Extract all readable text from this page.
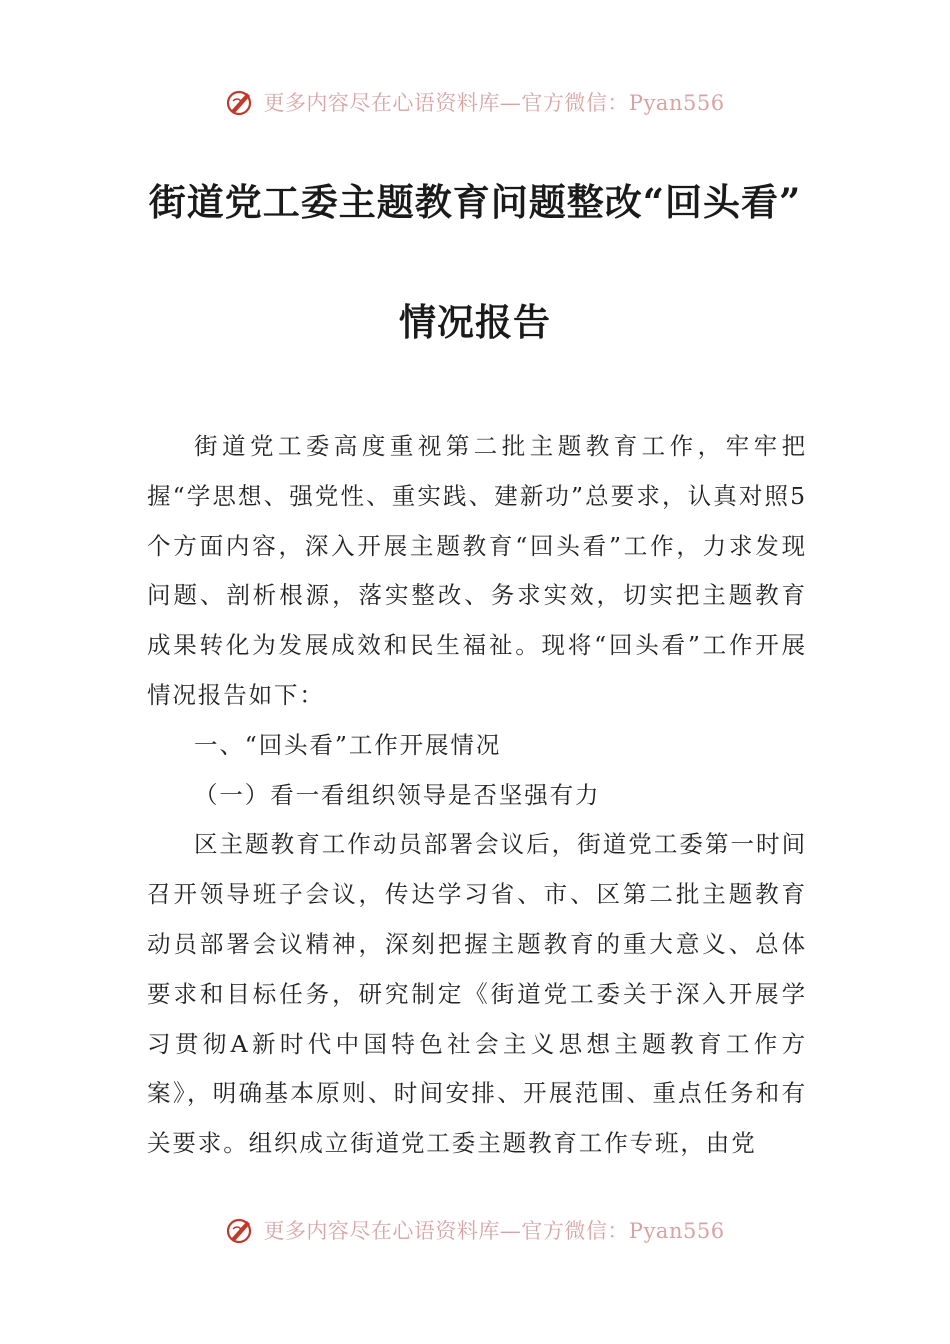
更多内容尽在心语资料库—官方微信：Pyan556
街道党工委主题教育问题整改“回头看”
情况报告

街道党工委高度重视第二批主题教育工作，牢牢把握“学思想、强党性、重实践、建新功”总要求，认真对照5个方面内容，深入开展主题教育“回头看”工作，力求发现问题、剖析根源，落实整改、务求实效，切实把主题教育成果转化为发展成效和民生福祉。现将“回头看”工作开展情况报告如下：

一、“回头看”工作开展情况

（一）看一看组织领导是否坚强有力

区主题教育工作动员部署会议后，街道党工委第一时间召开领导班子会议，传达学习省、市、区第二批主题教育动员部署会议精神，深刻把握主题教育的重大意义、总体要求和目标任务，研究制定《街道党工委关于深入开展学习贯彻A新时代中国特色社会主义思想主题教育工作方案》，明确基本原则、时间安排、开展范围、重点任务和有关要求。组织成立街道党工委主题教育工作专班，由党

更多内容尽在心语资料库—官方微信：Pyan556
